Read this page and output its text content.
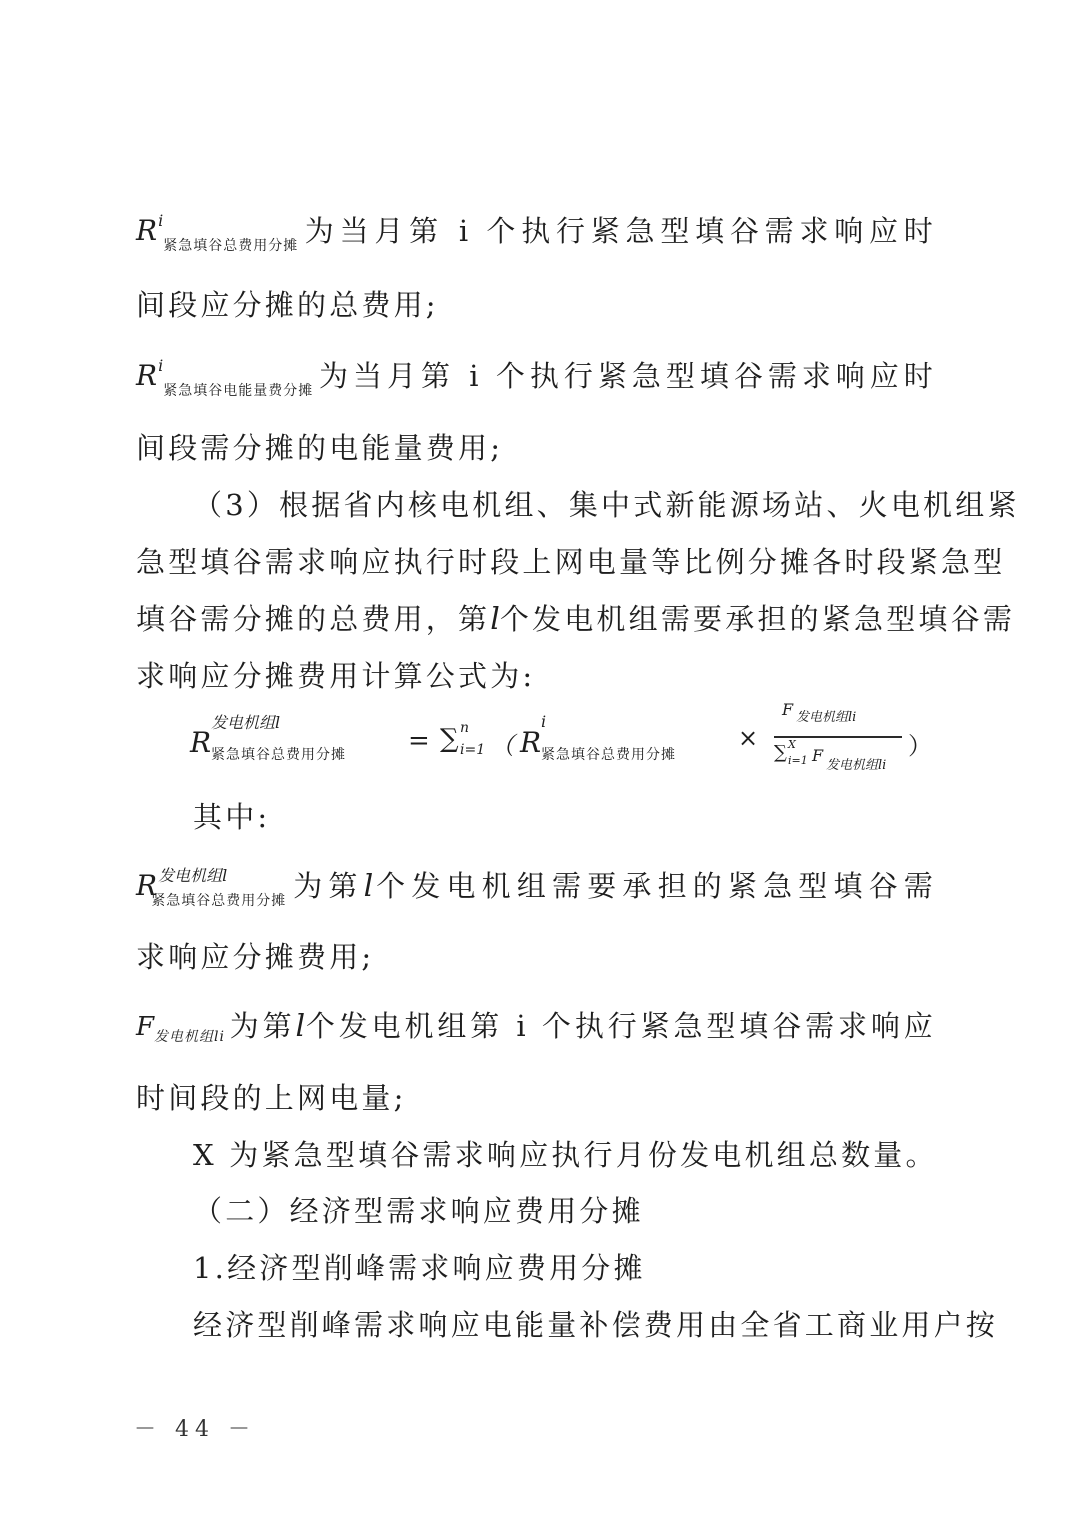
$R^i_{紧急填谷总费用分摊}$ 为当月第 i 个执行紧急型填谷需求响应时
间段应分摊的总费用;
$R^i_{紧急填谷电能量费分摊}$ 为当月第 i 个执行紧急型填谷需求响应时
间段需分摊的电能量费用;
（3）根据省内核电机组、集中式新能源场站、火电机组紧
急型填谷需求响应执行时段上网电量等比例分摊各时段紧急型
填谷需分摊的总费用，第l个发电机组需要承担的紧急型填谷需
求响应分摊费用计算公式为:
R
发电机组l
紧急填谷总费用分摊 = ∑ n
i=1 （ R
i
紧急填谷总费用分摊
×
F 发电机组li
∑ X
i=1 F
发电机组li
）
其中:
$R^{发电机组l}_{紧急填谷总费用分摊}$ 为第l个发电机组需要承担的紧急型填谷需
求响应分摊费用;
$F_{发电机组li}$ 为第l个发电机组第 i 个执行紧急型填谷需求响应
时间段的上网电量;
X 为紧急型填谷需求响应执行月份发电机组总数量。
（二）经济型需求响应费用分摊
1.经济型削峰需求响应费用分摊
经济型削峰需求响应电能量补偿费用由全省工商业用户按
－ 44 －
